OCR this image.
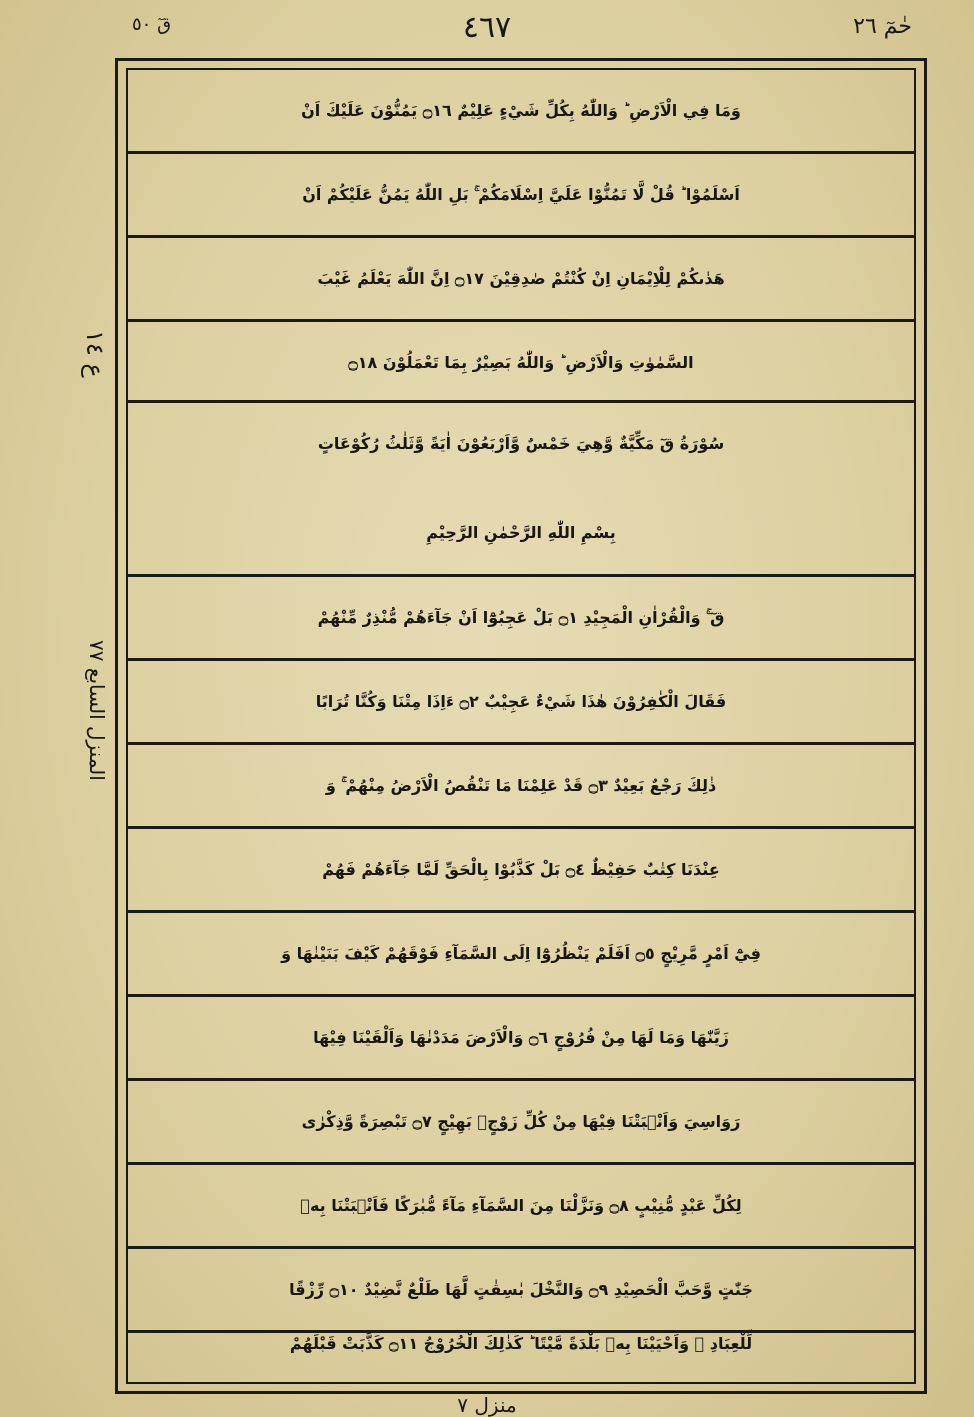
٤٦٧	حٰمٓ ٢٦
قٓ ٥٠
ع ١٤
المنزل السابع ٧٧
وَمَا فِي الْاَرْضِ ؕ وَاللّٰهُ بِكُلِّ شَيْءٍ عَلِيْمٌ ۝١٦ يَمُنُّوْنَ عَلَيْكَ اَنْ
اَسْلَمُوْا ؕ قُلْ لَّا تَمُنُّوْا عَلَيَّ اِسْلَامَكُمْ ۚ بَلِ اللّٰهُ يَمُنُّ عَلَيْكُمْ اَنْ
هَدٰىكُمْ لِلْاِيْمَانِ اِنْ كُنْتُمْ صٰدِقِيْنَ ۝١٧ اِنَّ اللّٰهَ يَعْلَمُ غَيْبَ
السَّمٰوٰتِ وَالْاَرْضِ ؕ وَاللّٰهُ بَصِيْرٌ بِمَا تَعْمَلُوْنَ ۝١٨
سُوْرَةُ قٓ مَكِّيَّةٌ وَّهِيَ خَمْسٌ وَّاَرْبَعُوْنَ اٰيَةً وَّثَلٰثُ رُكُوْعَاتٍ
بِسْمِ اللّٰهِ الرَّحْمٰنِ الرَّحِيْمِ
قٓ ۚ وَالْقُرْاٰنِ الْمَجِيْدِ ۝١ بَلْ عَجِبُوْٓا اَنْ جَآءَهُمْ مُّنْذِرٌ مِّنْهُمْ
فَقَالَ الْكٰفِرُوْنَ هٰذَا شَيْءٌ عَجِيْبٌ ۝٢ ءَاِذَا مِتْنَا وَكُنَّا تُرَابًا
ذٰلِكَ رَجْعٌ بَعِيْدٌ ۝٣ قَدْ عَلِمْنَا مَا تَنْقُصُ الْاَرْضُ مِنْهُمْ ۚ وَ
عِنْدَنَا كِتٰبٌ حَفِيْظٌ ۝٤ بَلْ كَذَّبُوْا بِالْحَقِّ لَمَّا جَآءَهُمْ فَهُمْ
فِيْٓ اَمْرٍ مَّرِيْجٍ ۝٥ اَفَلَمْ يَنْظُرُوْٓا اِلَى السَّمَآءِ فَوْقَهُمْ كَيْفَ بَنَيْنٰهَا وَ
زَيَّنّٰهَا وَمَا لَهَا مِنْ فُرُوْجٍ ۝٦ وَالْاَرْضَ مَدَدْنٰهَا وَاَلْقَيْنَا فِيْهَا
رَوَاسِيَ وَاَنْۢبَتْنَا فِيْهَا مِنْ كُلِّ زَوْجٍۢ بَهِيْجٍ ۝٧ تَبْصِرَةً وَّذِكْرٰى
لِكُلِّ عَبْدٍ مُّنِيْبٍ ۝٨ وَنَزَّلْنَا مِنَ السَّمَآءِ مَآءً مُّبٰرَكًا فَاَنْۢبَتْنَا بِهٖ
جَنّٰتٍ وَّحَبَّ الْحَصِيْدِ ۝٩ وَالنَّخْلَ بٰسِقٰتٍ لَّهَا طَلْعٌ نَّضِيْدٌ ۝١٠ رِّزْقًا
لِّلْعِبَادِ ۙ وَاَحْيَيْنَا بِهٖ بَلْدَةً مَّيْتًا ؕ كَذٰلِكَ الْخُرُوْجُ ۝١١ كَذَّبَتْ قَبْلَهُمْ
منزل ٧
